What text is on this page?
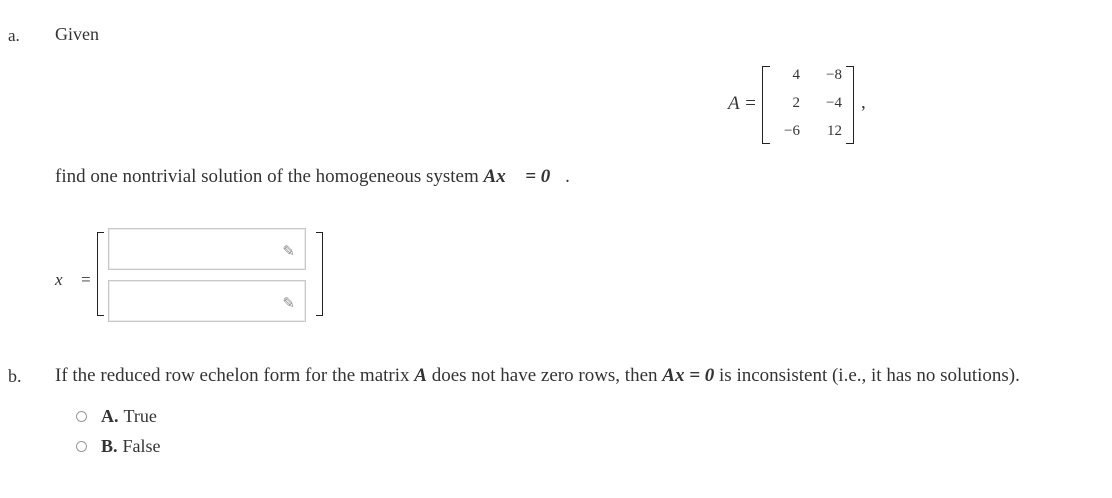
a. Given
A =
4	−8
2	−4
−6	12
,
find one nontrivial solution of the homogeneous system Ax⃗ = 0⃗.
x⃗ =
✎
✎
b. If the reduced row echelon form for the matrix A does not have zero rows, then Ax = 0 is inconsistent (i.e., it has no solutions).
A. True
B. False
